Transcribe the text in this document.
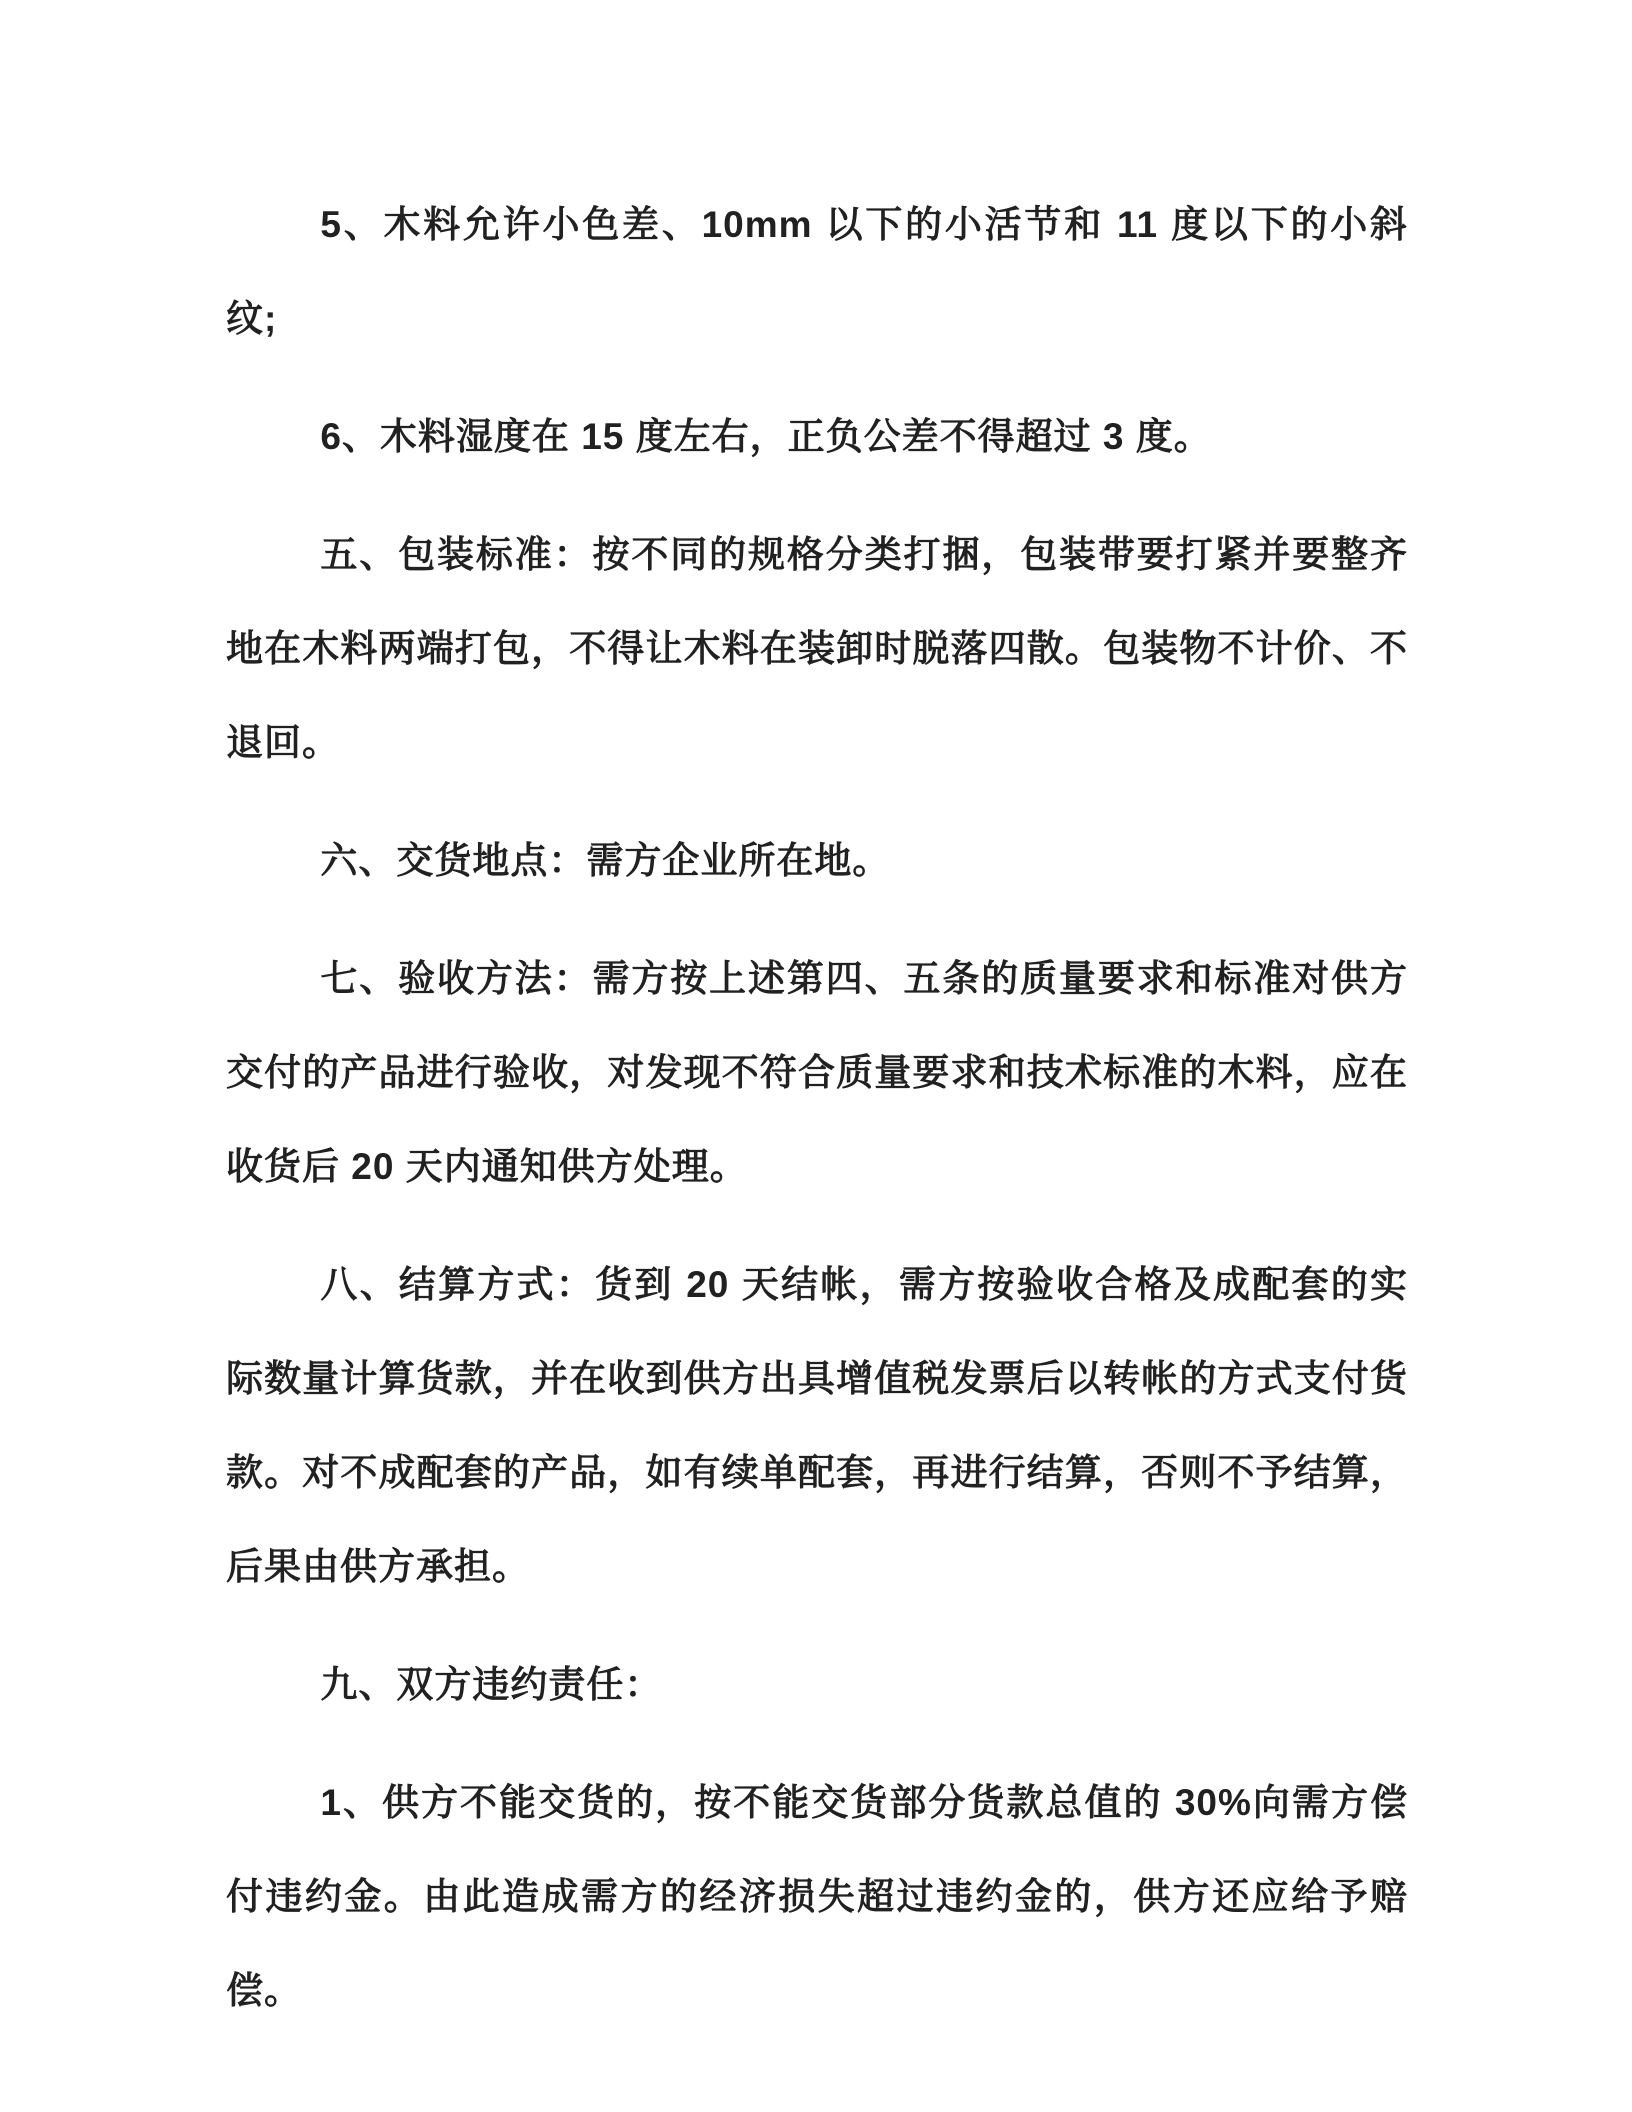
5、木料允许小色差、10mm 以下的小活节和 11 度以下的小斜纹;

6、木料湿度在 15 度左右，正负公差不得超过 3 度。

五、包装标准：按不同的规格分类打捆，包装带要打紧并要整齐地在木料两端打包，不得让木料在装卸时脱落四散。包装物不计价、不退回。

六、交货地点：需方企业所在地。

七、验收方法：需方按上述第四、五条的质量要求和标准对供方交付的产品进行验收，对发现不符合质量要求和技术标准的木料，应在收货后 20 天内通知供方处理。

八、结算方式：货到 20 天结帐，需方按验收合格及成配套的实际数量计算货款，并在收到供方出具增值税发票后以转帐的方式支付货款。对不成配套的产品，如有续单配套，再进行结算，否则不予结算，后果由供方承担。

九、双方违约责任：

1、供方不能交货的，按不能交货部分货款总值的 30%向需方偿付违约金。由此造成需方的经济损失超过违约金的，供方还应给予赔偿。
